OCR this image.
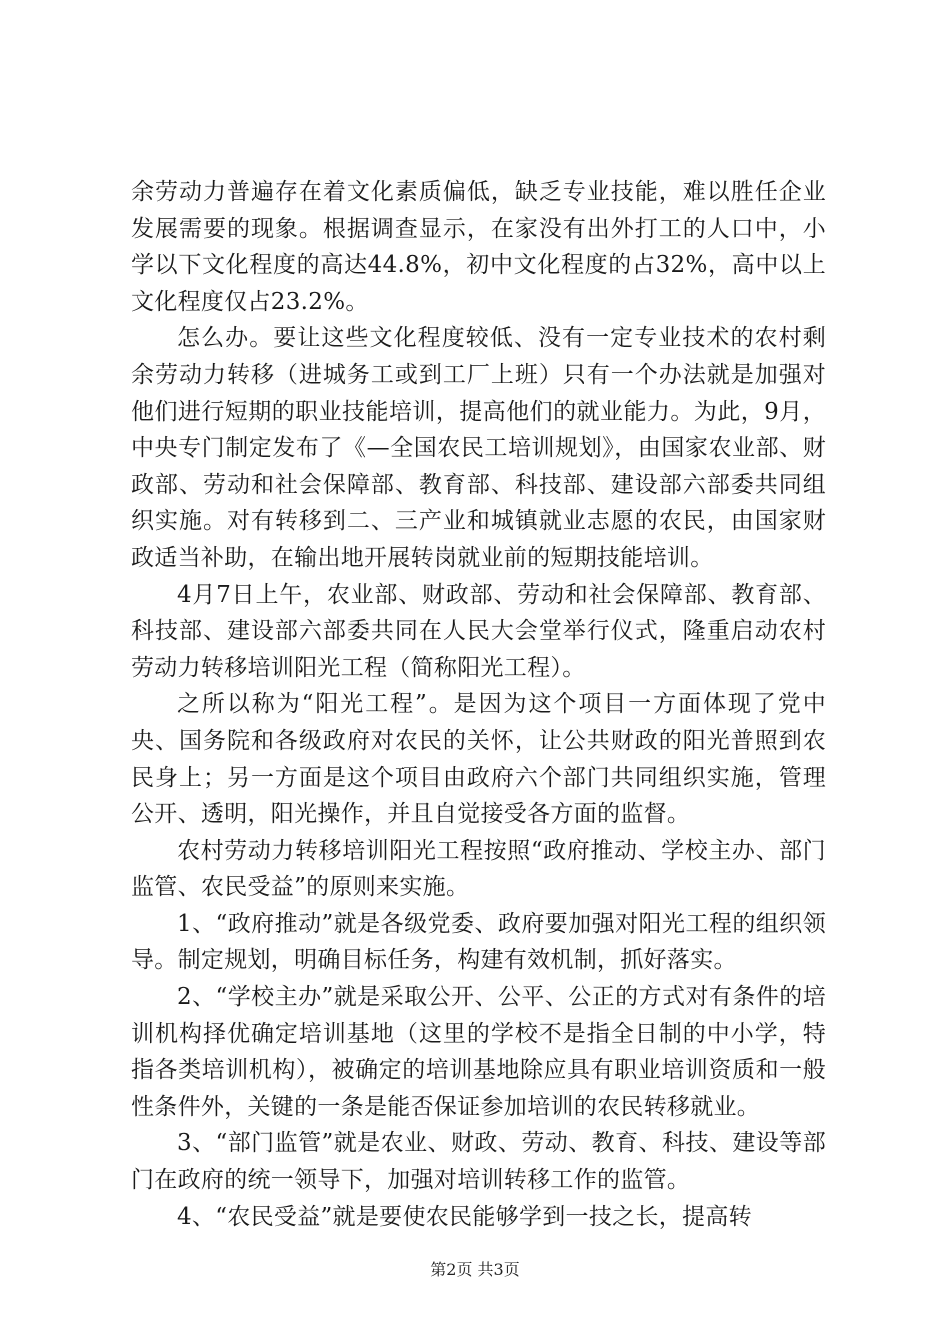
余劳动力普遍存在着文化素质偏低，缺乏专业技能，难以胜任企业发展需要的现象。根据调查显示，在家没有出外打工的人口中，小学以下文化程度的高达44.8%，初中文化程度的占32%，高中以上文化程度仅占23.2%。

怎么办。要让这些文化程度较低、没有一定专业技术的农村剩余劳动力转移（进城务工或到工厂上班）只有一个办法就是加强对他们进行短期的职业技能培训，提高他们的就业能力。为此，9月，中央专门制定发布了《—全国农民工培训规划》，由国家农业部、财政部、劳动和社会保障部、教育部、科技部、建设部六部委共同组织实施。对有转移到二、三产业和城镇就业志愿的农民，由国家财政适当补助，在输出地开展转岗就业前的短期技能培训。

4月7日上午，农业部、财政部、劳动和社会保障部、教育部、科技部、建设部六部委共同在人民大会堂举行仪式，隆重启动农村劳动力转移培训阳光工程（简称阳光工程）。

之所以称为“阳光工程”。是因为这个项目一方面体现了党中央、国务院和各级政府对农民的关怀，让公共财政的阳光普照到农民身上；另一方面是这个项目由政府六个部门共同组织实施，管理公开、透明，阳光操作，并且自觉接受各方面的监督。

农村劳动力转移培训阳光工程按照“政府推动、学校主办、部门监管、农民受益”的原则来实施。

1、“政府推动”就是各级党委、政府要加强对阳光工程的组织领导。制定规划，明确目标任务，构建有效机制，抓好落实。

2、“学校主办”就是采取公开、公平、公正的方式对有条件的培训机构择优确定培训基地（这里的学校不是指全日制的中小学，特指各类培训机构），被确定的培训基地除应具有职业培训资质和一般性条件外，关键的一条是能否保证参加培训的农民转移就业。

3、“部门监管”就是农业、财政、劳动、教育、科技、建设等部门在政府的统一领导下，加强对培训转移工作的监管。

4、“农民受益”就是要使农民能够学到一技之长，提高转

第2页 共3页
